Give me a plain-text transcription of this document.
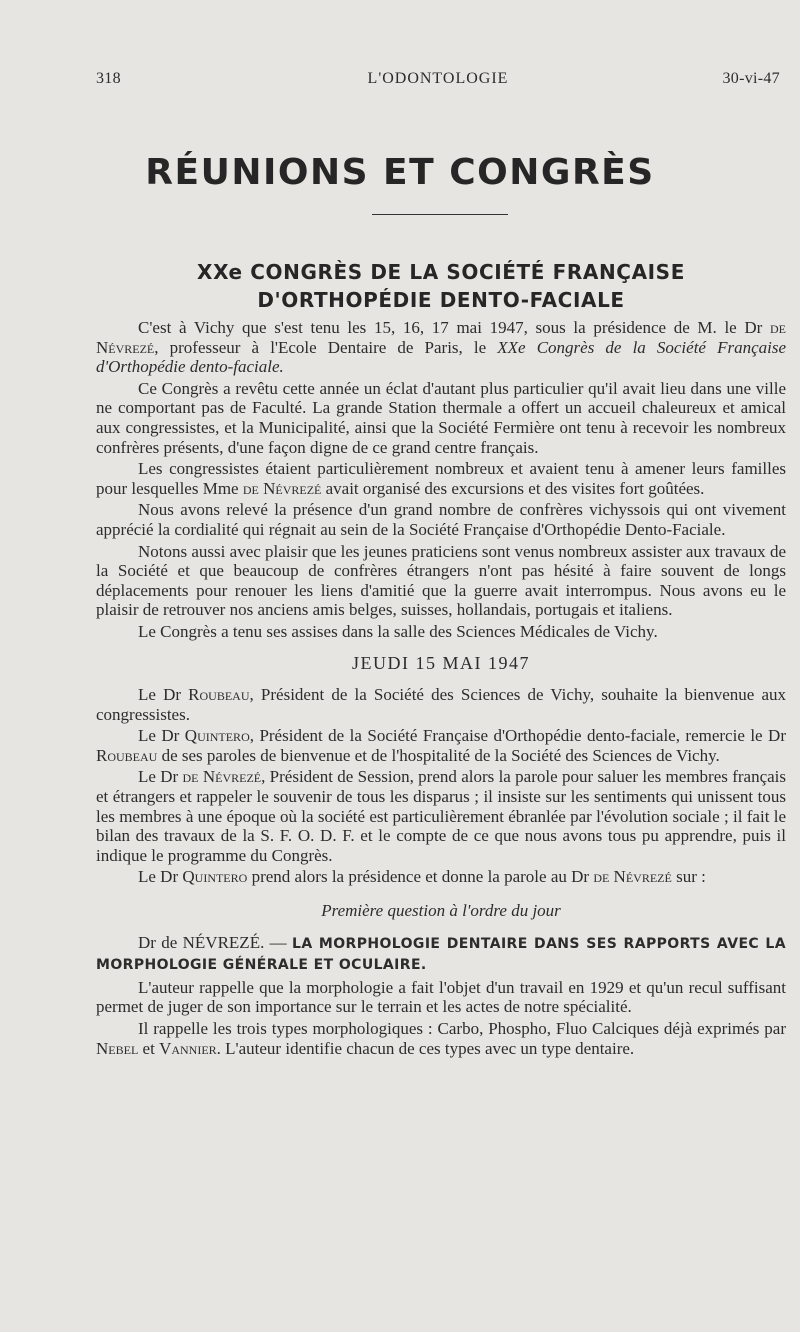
318	L'ODONTOLOGIE	30-vi-47
RÉUNIONS ET CONGRÈS
XXe CONGRÈS DE LA SOCIÉTÉ FRANÇAISE
D'ORTHOPÉDIE DENTO-FACIALE

C'est à Vichy que s'est tenu les 15, 16, 17 mai 1947, sous la présidence de M. le Dr de Névrezé, professeur à l'Ecole Dentaire de Paris, le XXe Congrès de la Société Française d'Orthopédie dento-faciale.

Ce Congrès a revêtu cette année un éclat d'autant plus particulier qu'il avait lieu dans une ville ne comportant pas de Faculté. La grande Station thermale a offert un accueil chaleureux et amical aux congressistes, et la Municipalité, ainsi que la Société Fermière ont tenu à recevoir les nombreux confrères présents, d'une façon digne de ce grand centre français.

Les congressistes étaient particulièrement nombreux et avaient tenu à amener leurs familles pour lesquelles Mme de Névrezé avait organisé des excursions et des visites fort goûtées.

Nous avons relevé la présence d'un grand nombre de confrères vichyssois qui ont vivement apprécié la cordialité qui régnait au sein de la Société Française d'Orthopédie Dento-Faciale.

Notons aussi avec plaisir que les jeunes praticiens sont venus nombreux assister aux travaux de la Société et que beaucoup de confrères étrangers n'ont pas hésité à faire souvent de longs déplacements pour renouer les liens d'amitié que la guerre avait interrompus. Nous avons eu le plaisir de retrouver nos anciens amis belges, suisses, hollandais, portugais et italiens.

Le Congrès a tenu ses assises dans la salle des Sciences Médicales de Vichy.

JEUDI 15 MAI 1947

Le Dr Roubeau, Président de la Société des Sciences de Vichy, souhaite la bienvenue aux congressistes.

Le Dr Quintero, Président de la Société Française d'Orthopédie dento-faciale, remercie le Dr Roubeau de ses paroles de bienvenue et de l'hospitalité de la Société des Sciences de Vichy.

Le Dr de Névrezé, Président de Session, prend alors la parole pour saluer les membres français et étrangers et rappeler le souvenir de tous les disparus ; il insiste sur les sentiments qui unissent tous les membres à une époque où la société est particulièrement ébranlée par l'évolution sociale ; il fait le bilan des travaux de la S. F. O. D. F. et le compte de ce que nous avons tous pu apprendre, puis il indique le programme du Congrès.

Le Dr Quintero prend alors la présidence et donne la parole au Dr de Névrezé sur :

Première question à l'ordre du jour

Dr de NÉVREZÉ. — LA MORPHOLOGIE DENTAIRE DANS SES RAPPORTS AVEC LA MORPHOLOGIE GÉNÉRALE ET OCULAIRE.

L'auteur rappelle que la morphologie a fait l'objet d'un travail en 1929 et qu'un recul suffisant permet de juger de son importance sur le terrain et les actes de notre spécialité.

Il rappelle les trois types morphologiques : Carbo, Phospho, Fluo Calciques déjà exprimés par Nebel et Vannier. L'auteur identifie chacun de ces types avec un type dentaire.
